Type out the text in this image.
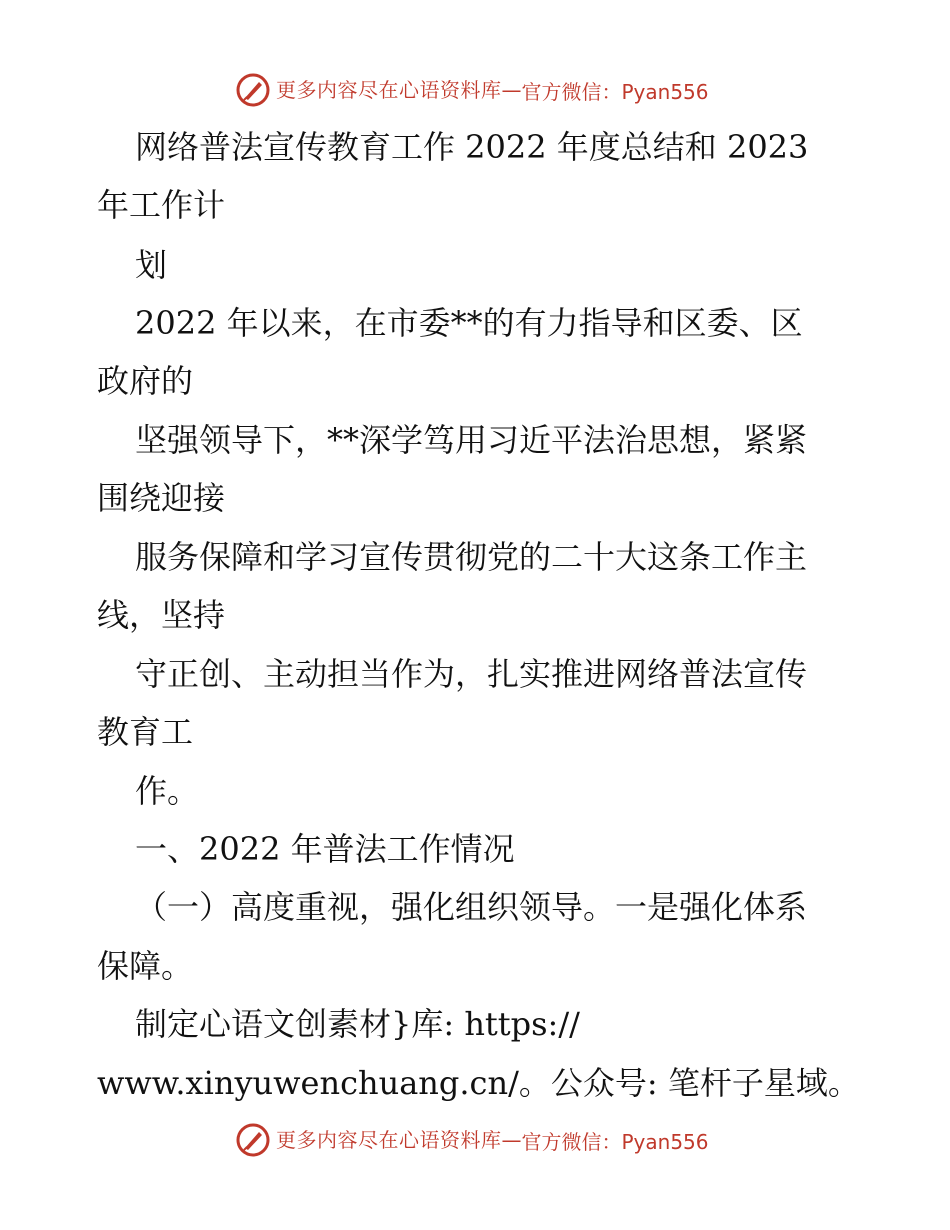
更多内容尽在心语资料库 — 官方微信：Pyan556
网络普法宣传教育工作 2022 年度总结和 2023
年工作计
划
2022 年以来，在市委**的有力指导和区委、区
政府的
坚强领导下，**深学笃用习近平法治思想，紧紧
围绕迎接
服务保障和学习宣传贯彻党的二十大这条工作主
线，坚持
守正创、主动担当作为，扎实推进网络普法宣传
教育工
作。
一、2022 年普法工作情况
（一）高度重视，强化组织领导。一是强化体系
保障。
制定心语文创素材}库: https://
www.xinyuwenchuang.cn/。公众号: 笔杆子星域。
更多内容尽在心语资料库 — 官方微信：Pyan556
